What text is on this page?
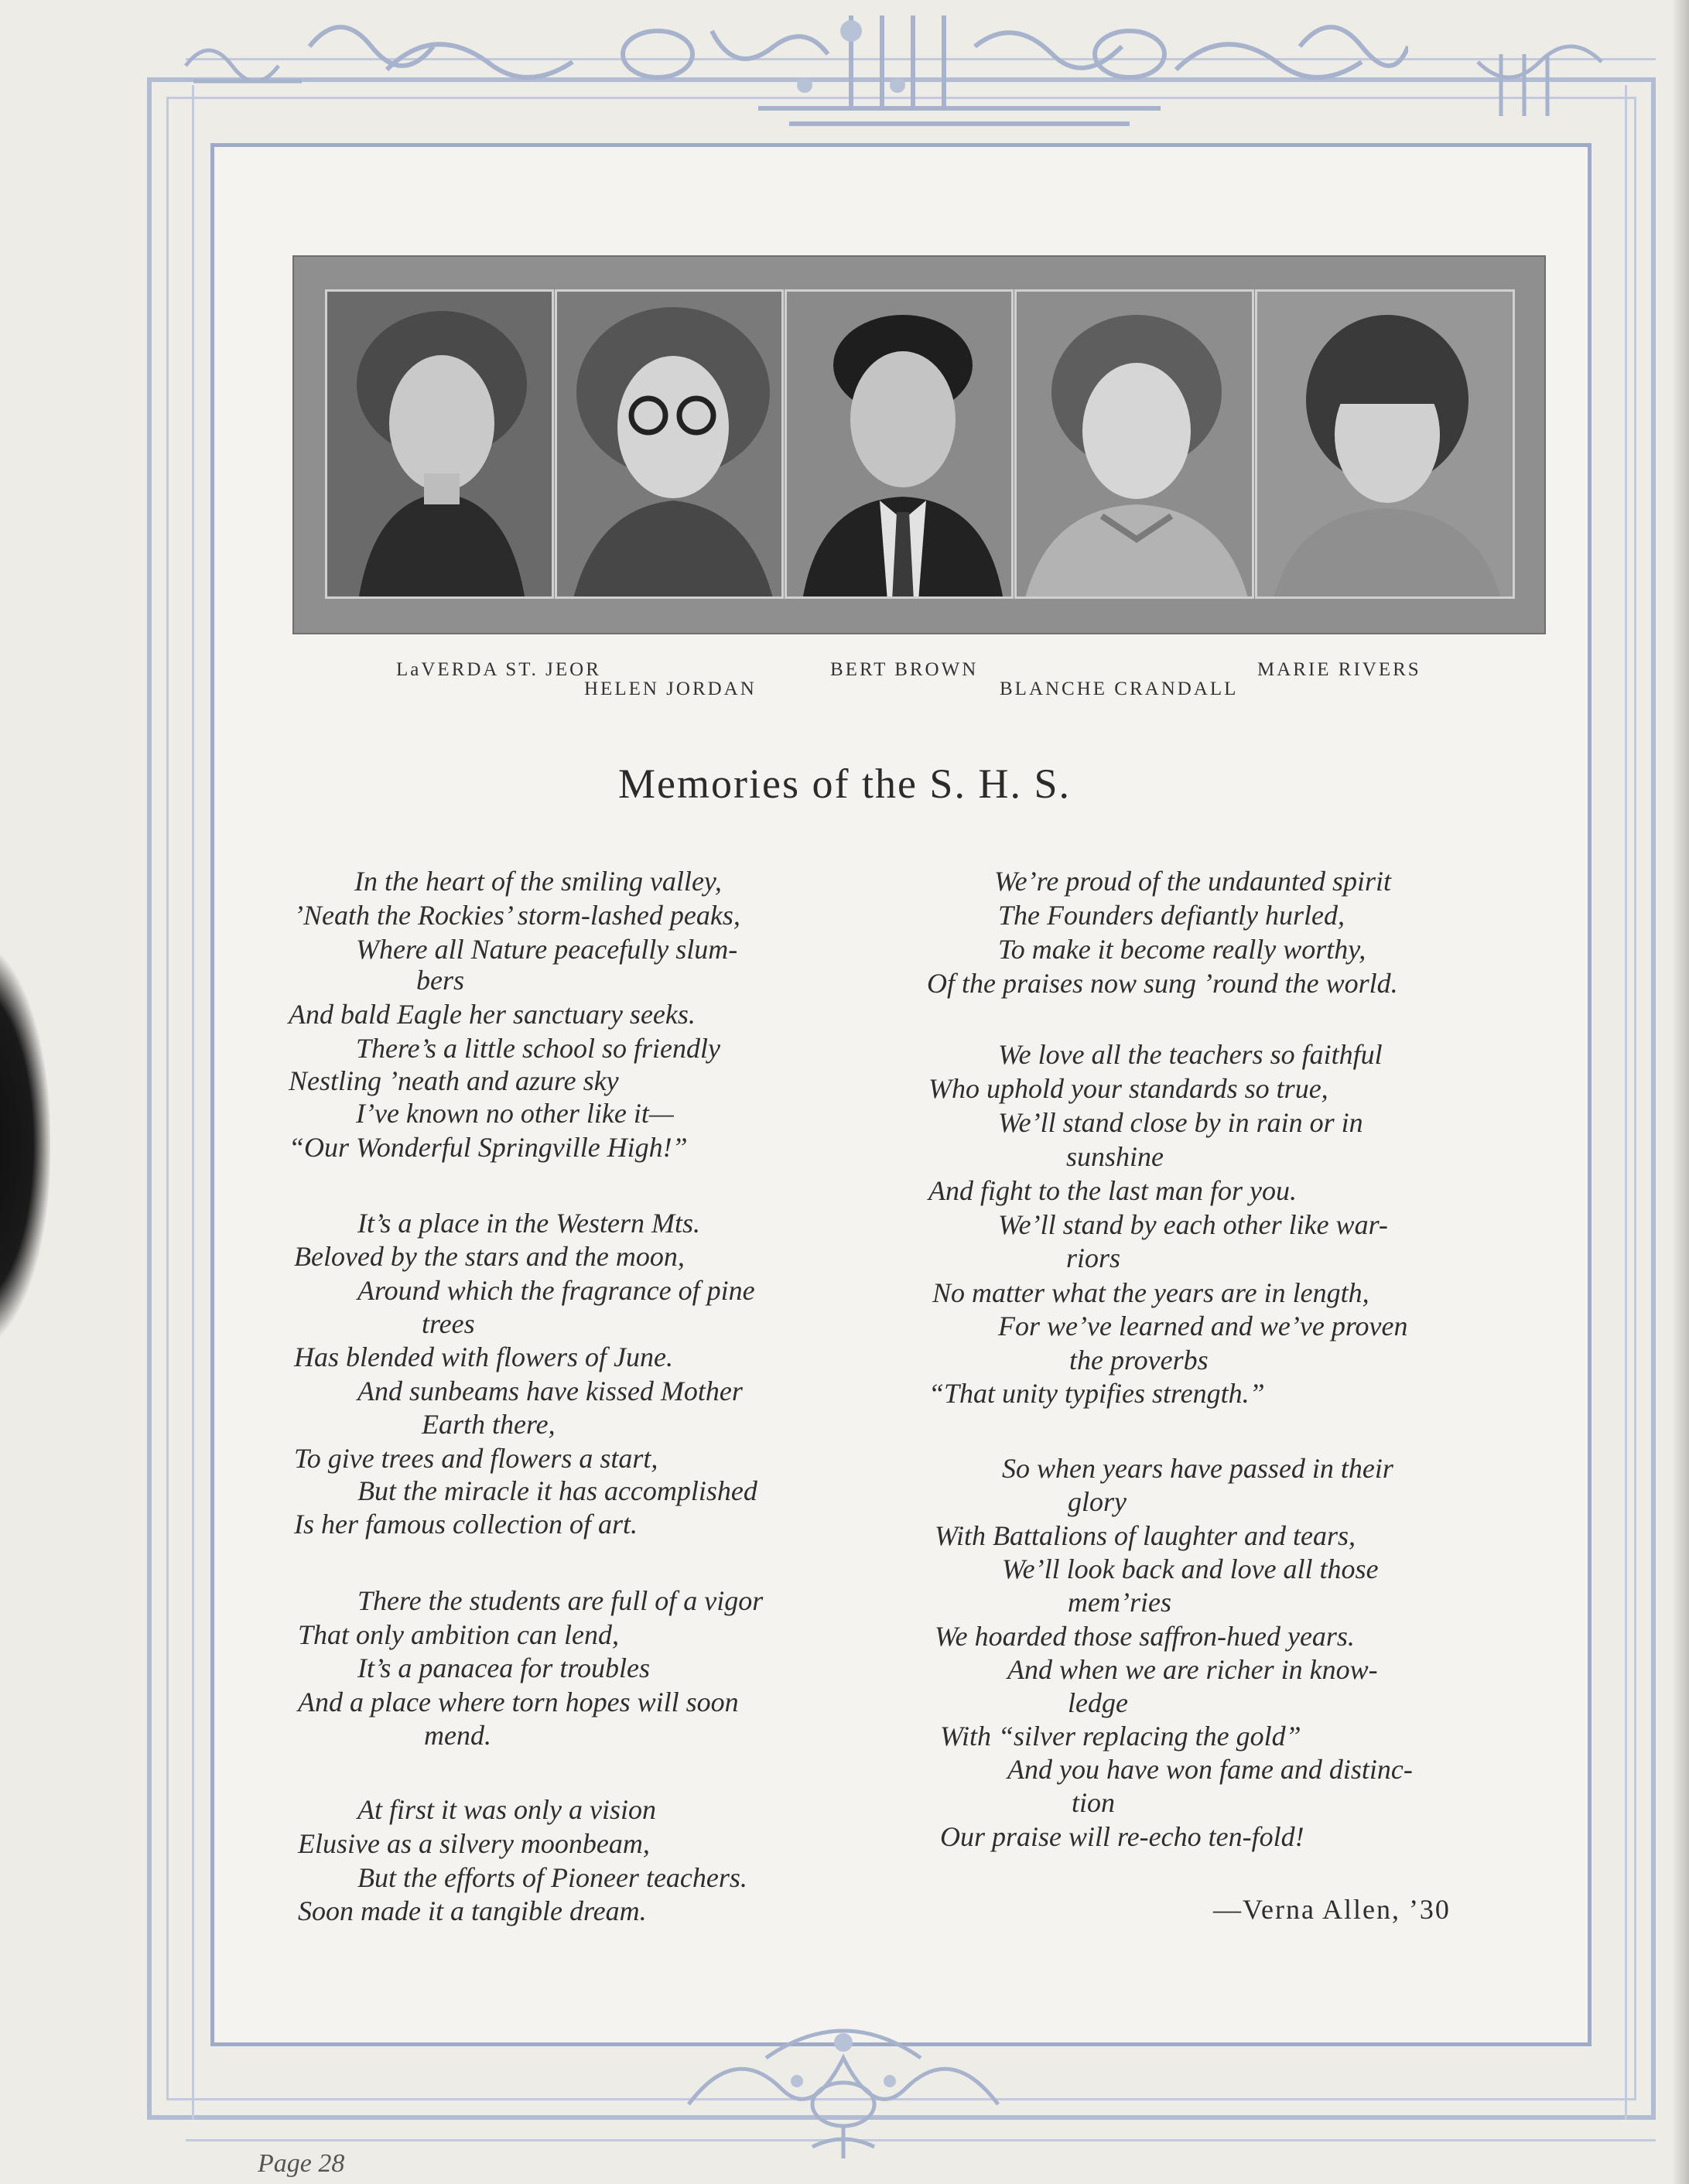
LaVERDA ST. JEOR
HELEN JORDAN
BERT BROWN
BLANCHE CRANDALL
MARIE RIVERS
Memories of the S. H. S.
In the heart of the smiling valley,
’Neath the Rockies’ storm-lashed peaks,
Where all Nature peacefully slum-
bers
And bald Eagle her sanctuary seeks.
There’s a little school so friendly
Nestling ’neath and azure sky
I’ve known no other like it—
“Our Wonderful Springville High!”
It’s a place in the Western Mts.
Beloved by the stars and the moon,
Around which the fragrance of pine
trees
Has blended with flowers of June.
And sunbeams have kissed Mother
Earth there,
To give trees and flowers a start,
But the miracle it has accomplished
Is her famous collection of art.
There the students are full of a vigor
That only ambition can lend,
It’s a panacea for troubles
And a place where torn hopes will soon
mend.
At first it was only a vision
Elusive as a silvery moonbeam,
But the efforts of Pioneer teachers.
Soon made it a tangible dream.
We’re proud of the undaunted spirit
The Founders defiantly hurled,
To make it become really worthy,
Of the praises now sung ’round the world.
We love all the teachers so faithful
Who uphold your standards so true,
We’ll stand close by in rain or in
sunshine
And fight to the last man for you.
We’ll stand by each other like war-
riors
No matter what the years are in length,
For we’ve learned and we’ve proven
the proverbs
“That unity typifies strength.”
So when years have passed in their
glory
With Battalions of laughter and tears,
We’ll look back and love all those
mem’ries
We hoarded those saffron-hued years.
And when we are richer in know-
ledge
With “silver replacing the gold”
And you have won fame and distinc-
tion
Our praise will re-echo ten-fold!
—Verna Allen, ’30
Page 28
